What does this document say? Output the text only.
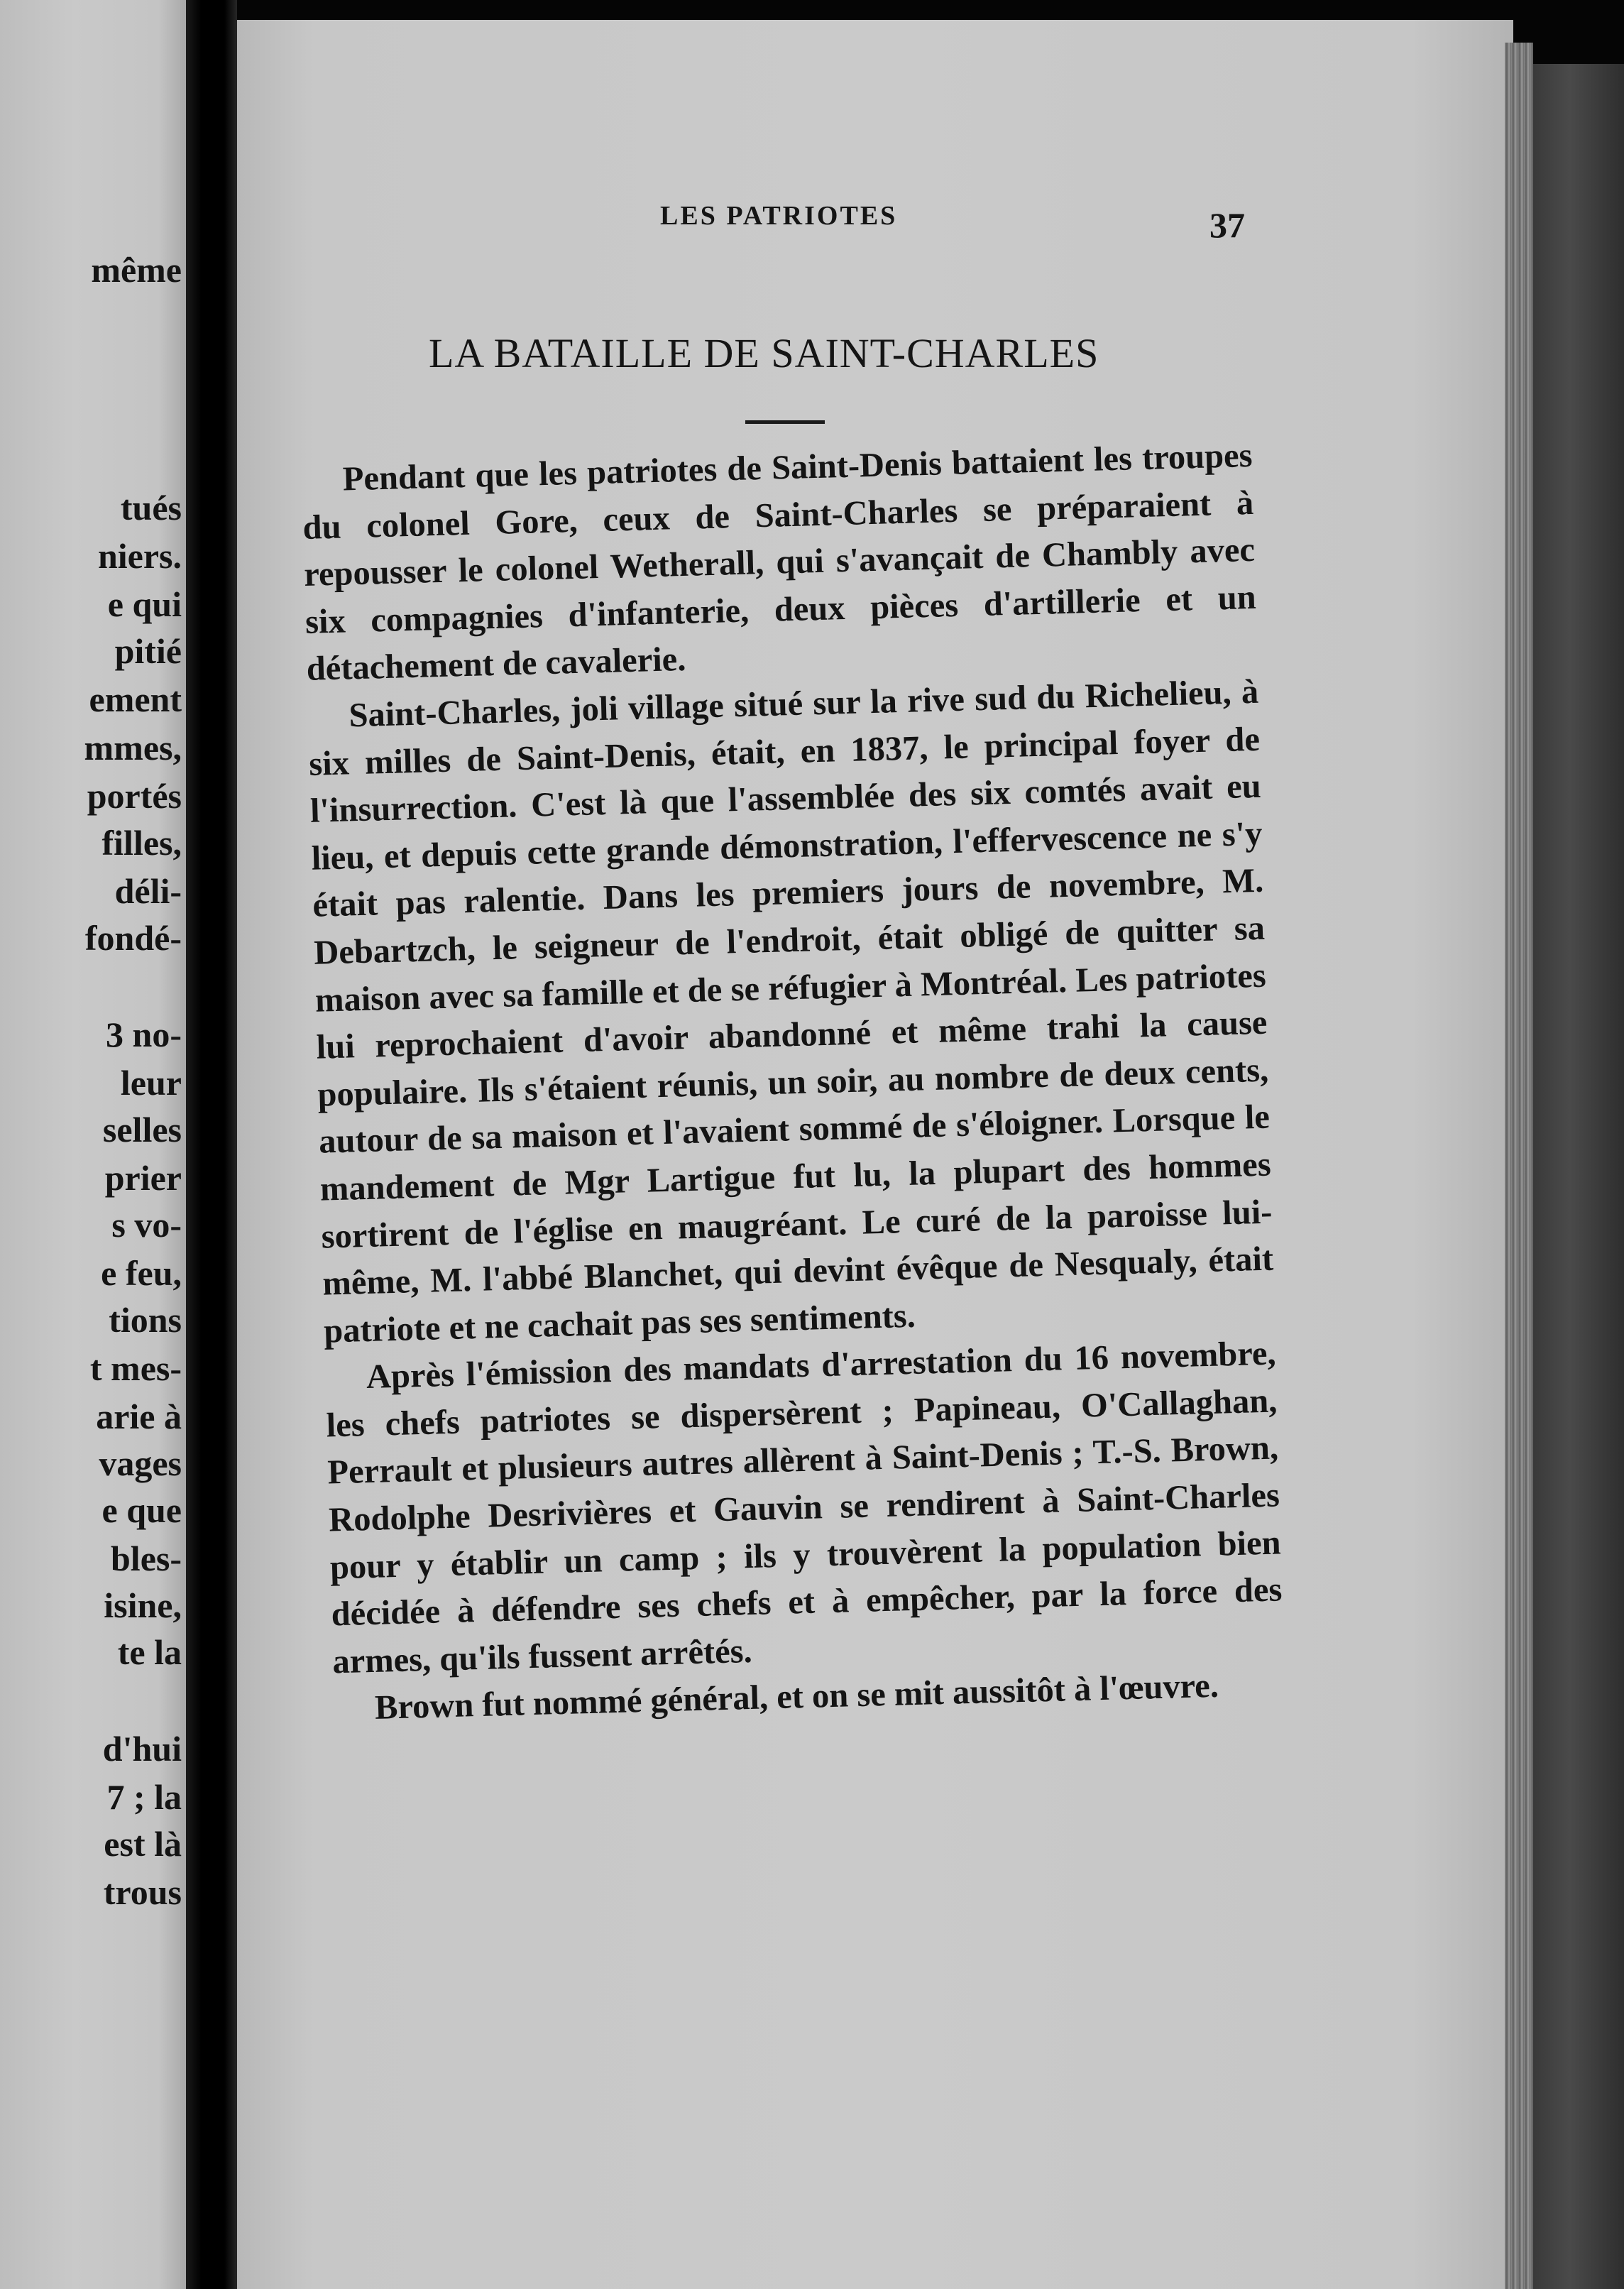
même
tués
niers.
e qui
pitié
ement
mmes,
portés
filles,
déli-
fondé-
3 no-
leur
selles
prier
s vo-
e feu,
tions
t mes-
arie à
vages
e que
bles-
isine,
te la
d'hui
7 ; la
est là
trous
LES PATRIOTES	37
LA BATAILLE DE SAINT-CHARLES

Pendant que les patriotes de Saint-Denis battaient les troupes du colonel Gore, ceux de Saint-Charles se préparaient à repousser le colonel Wetherall, qui s'avançait de Chambly avec six compagnies d'infanterie, deux pièces d'artillerie et un détachement de cavalerie.

Saint-Charles, joli village situé sur la rive sud du Richelieu, à six milles de Saint-Denis, était, en 1837, le principal foyer de l'insurrection. C'est là que l'assemblée des six comtés avait eu lieu, et depuis cette grande démonstration, l'effervescence ne s'y était pas ralentie. Dans les premiers jours de novembre, M. Debartzch, le seigneur de l'endroit, était obligé de quitter sa maison avec sa famille et de se réfugier à Montréal. Les patriotes lui reprochaient d'avoir abandonné et même trahi la cause populaire. Ils s'étaient réunis, un soir, au nombre de deux cents, autour de sa maison et l'avaient sommé de s'éloigner. Lorsque le mandement de Mgr Lartigue fut lu, la plupart des hommes sortirent de l'église en maugréant. Le curé de la paroisse lui-même, M. l'abbé Blanchet, qui devint évêque de Nesqualy, était patriote et ne cachait pas ses sentiments.

Après l'émission des mandats d'arrestation du 16 novembre, les chefs patriotes se dispersèrent ; Papineau, O'Callaghan, Perrault et plusieurs autres allèrent à Saint-Denis ; T.-S. Brown, Rodolphe Desrivières et Gauvin se rendirent à Saint-Charles pour y établir un camp ; ils y trouvèrent la population bien décidée à défendre ses chefs et à empêcher, par la force des armes, qu'ils fussent arrêtés.

Brown fut nommé général, et on se mit aussitôt à l'œuvre.
